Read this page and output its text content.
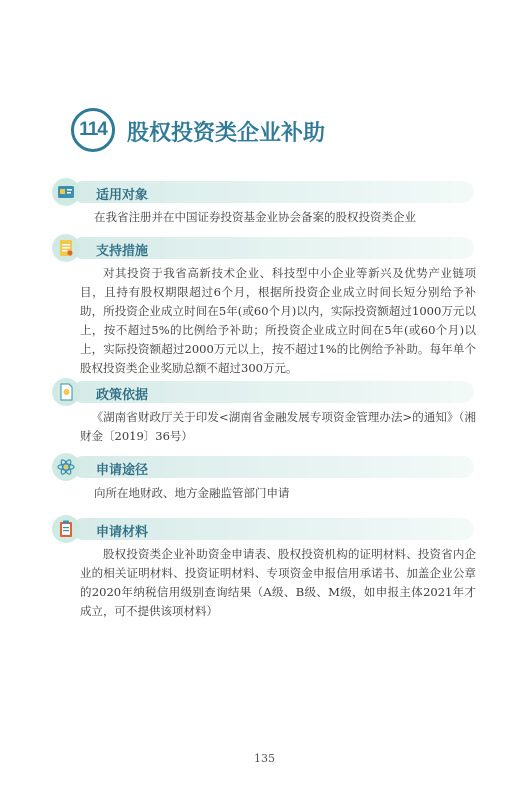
114 股权投资类企业补助
适用对象
在我省注册并在中国证券投资基金业协会备案的股权投资类企业
支持措施
对其投资于我省高新技术企业、科技型中小企业等新兴及优势产业链项目，且持有股权期限超过6个月，根据所投资企业成立时间长短分别给予补助，所投资企业成立时间在5年(或60个月)以内，实际投资额超过1000万元以上，按不超过5%的比例给予补助；所投资企业成立时间在5年(或60个月)以上，实际投资额超过2000万元以上，按不超过1%的比例给予补助。每年单个股权投资类企业奖励总额不超过300万元。
政策依据
《湖南省财政厅关于印发<湖南省金融发展专项资金管理办法>的通知》（湘财金〔2019〕36号）
申请途径
向所在地财政、地方金融监管部门申请
申请材料
股权投资类企业补助资金申请表、股权投资机构的证明材料、投资省内企业的相关证明材料、投资证明材料、专项资金申报信用承诺书、加盖企业公章的2020年纳税信用级别查询结果（A级、B级、M级，如申报主体2021年才成立，可不提供该项材料）
135
